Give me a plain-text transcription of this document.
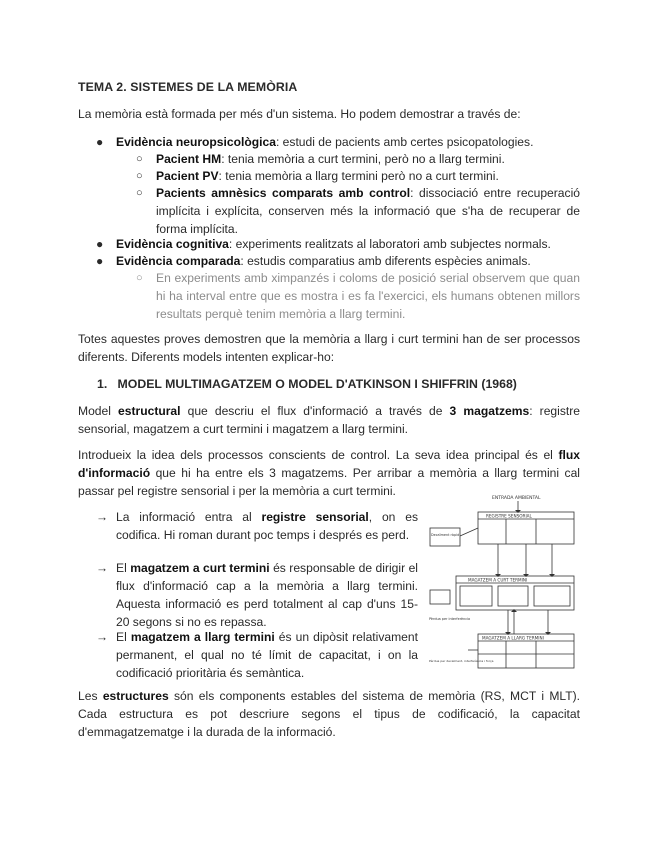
TEMA 2. SISTEMES DE LA MEMÒRIA

La memòria està formada per més d'un sistema. Ho podem demostrar a través de:

● Evidència neuropsicològica: estudi de pacients amb certes psicopatologies.
○ Pacient HM: tenia memòria a curt termini, però no a llarg termini.
○ Pacient PV: tenia memòria a llarg termini però no a curt termini.
○ Pacients amnèsics comparats amb control: dissociació entre recuperació implícita i explícita, conserven més la informació que s'ha de recuperar de forma implícita.
● Evidència cognitiva: experiments realitzats al laboratori amb subjectes normals.
● Evidència comparada: estudis comparatius amb diferents espècies animals.
○ En experiments amb ximpanzés i coloms de posició serial observem que quan hi ha interval entre que es mostra i es fa l'exercici, els humans obtenen millors resultats perquè tenim memòria a llarg termini.

Totes aquestes proves demostren que la memòria a llarg i curt termini han de ser processos diferents. Diferents models intenten explicar-ho:

1. MODEL MULTIMAGATZEM O MODEL D'ATKINSON I SHIFFRIN (1968)

Model estructural que descriu el flux d'informació a través de 3 magatzems: registre sensorial, magatzem a curt termini i magatzem a llarg termini.

Introdueix la idea dels processos conscients de control. La seva idea principal és el flux d'informació que hi ha entre els 3 magatzems. Per arribar a memòria a llarg termini cal passar pel registre sensorial i per la memòria a curt termini.

→ La informació entra al registre sensorial, on es codifica. Hi roman durant poc temps i després es perd.
→ El magatzem a curt termini és responsable de dirigir el flux d'informació cap a la memòria a llarg termini. Aquesta informació es perd totalment al cap d'uns 15-20 segons si no es repassa.
→ El magatzem a llarg termini és un dipòsit relativament permanent, el qual no té límit de capacitat, i on la codificació prioritària és semàntica.
ENTRADA AMBIENTAL
REGISTRE SENSORIAL
MAGATZEM A CURT TERMINI
MAGATZEM A LLARG TERMINI
Decaïment ràpid
Pèrdua per interferència
Pèrdua per decaïment, interferència i força

Les estructures són els components estables del sistema de memòria (RS, MCT i MLT). Cada estructura es pot descriure segons el tipus de codificació, la capacitat d'emmagatzematge i la durada de la informació.
